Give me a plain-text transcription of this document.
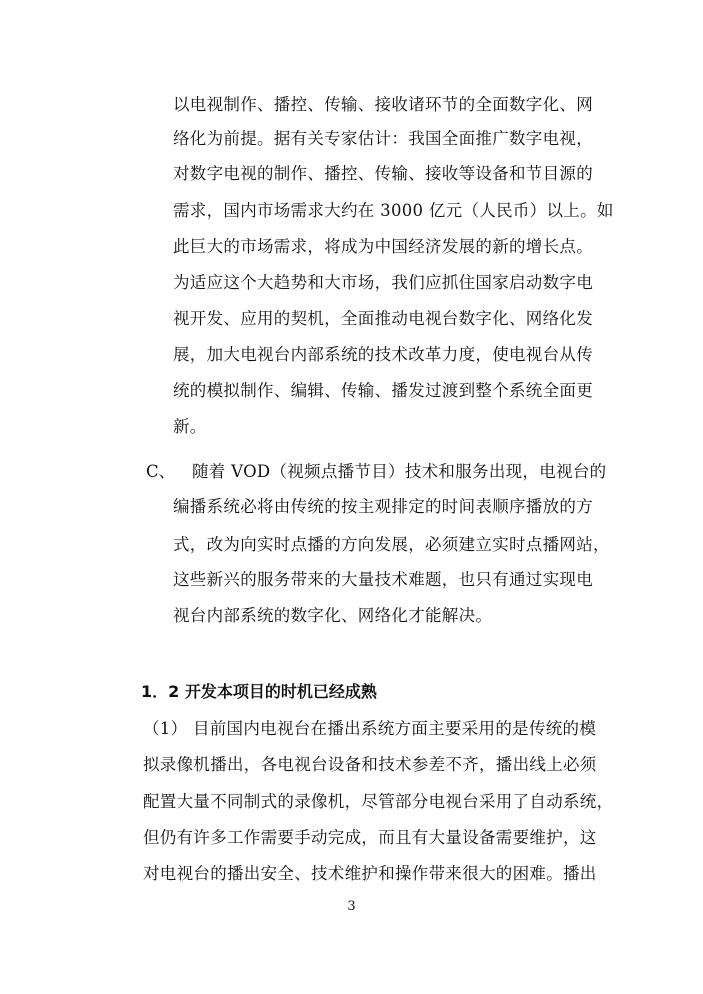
以电视制作、播控、传输、接收诸环节的全面数字化、网
络化为前提。据有关专家估计：我国全面推广数字电视，
对数字电视的制作、播控、传输、接收等设备和节目源的
需求，国内市场需求大约在 3000 亿元（人民币）以上。如
此巨大的市场需求，将成为中国经济发展的新的增长点。
为适应这个大趋势和大市场，我们应抓住国家启动数字电
视开发、应用的契机，全面推动电视台数字化、网络化发
展，加大电视台内部系统的技术改革力度，使电视台从传
统的模拟制作、编辑、传输、播发过渡到整个系统全面更
新。
C、 随着 VOD（视频点播节目）技术和服务出现，电视台的
编播系统必将由传统的按主观排定的时间表顺序播放的方
式，改为向实时点播的方向发展，必须建立实时点播网站，
这些新兴的服务带来的大量技术难题，也只有通过实现电
视台内部系统的数字化、网络化才能解决。
1．2 开发本项目的时机已经成熟
（1） 目前国内电视台在播出系统方面主要采用的是传统的模
拟录像机播出，各电视台设备和技术参差不齐，播出线上必须
配置大量不同制式的录像机，尽管部分电视台采用了自动系统，
但仍有许多工作需要手动完成，而且有大量设备需要维护，这
对电视台的播出安全、技术维护和操作带来很大的困难。播出
3
